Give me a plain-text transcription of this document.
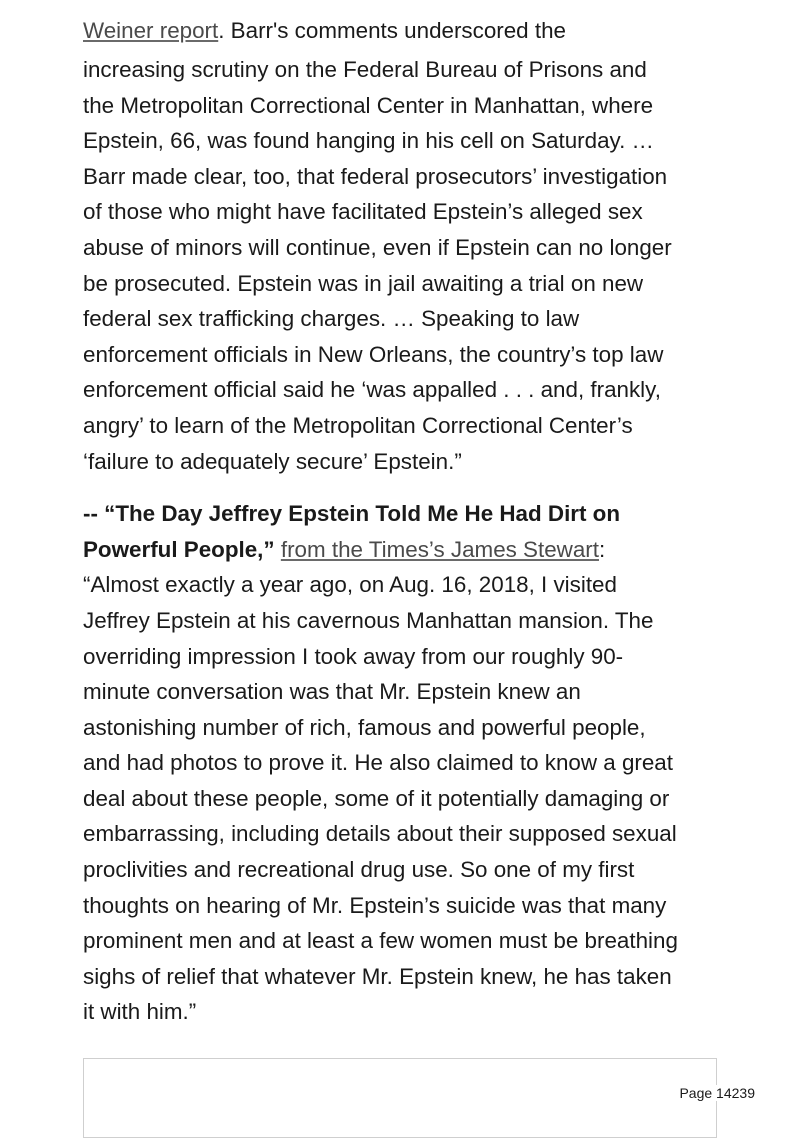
Weiner report. Barr's comments underscored the

increasing scrutiny on the Federal Bureau of Prisons and
the Metropolitan Correctional Center in Manhattan, where
Epstein, 66, was found hanging in his cell on Saturday. …
Barr made clear, too, that federal prosecutors’ investigation
of those who might have facilitated Epstein’s alleged sex
abuse of minors will continue, even if Epstein can no longer
be prosecuted. Epstein was in jail awaiting a trial on new
federal sex trafficking charges. … Speaking to law
enforcement officials in New Orleans, the country’s top law
enforcement official said he ‘was appalled . . . and, frankly,
angry’ to learn of the Metropolitan Correctional Center’s
‘failure to adequately secure’ Epstein.”

-- “The Day Jeffrey Epstein Told Me He Had Dirt on
Powerful People,” from the Times’s James Stewart:
“Almost exactly a year ago, on Aug. 16, 2018, I visited
Jeffrey Epstein at his cavernous Manhattan mansion. The
overriding impression I took away from our roughly 90-
minute conversation was that Mr. Epstein knew an
astonishing number of rich, famous and powerful people,
and had photos to prove it. He also claimed to know a great
deal about these people, some of it potentially damaging or
embarrassing, including details about their supposed sexual
proclivities and recreational drug use. So one of my first
thoughts on hearing of Mr. Epstein’s suicide was that many
prominent men and at least a few women must be breathing
sighs of relief that whatever Mr. Epstein knew, he has taken
it with him.”

Page 14239
